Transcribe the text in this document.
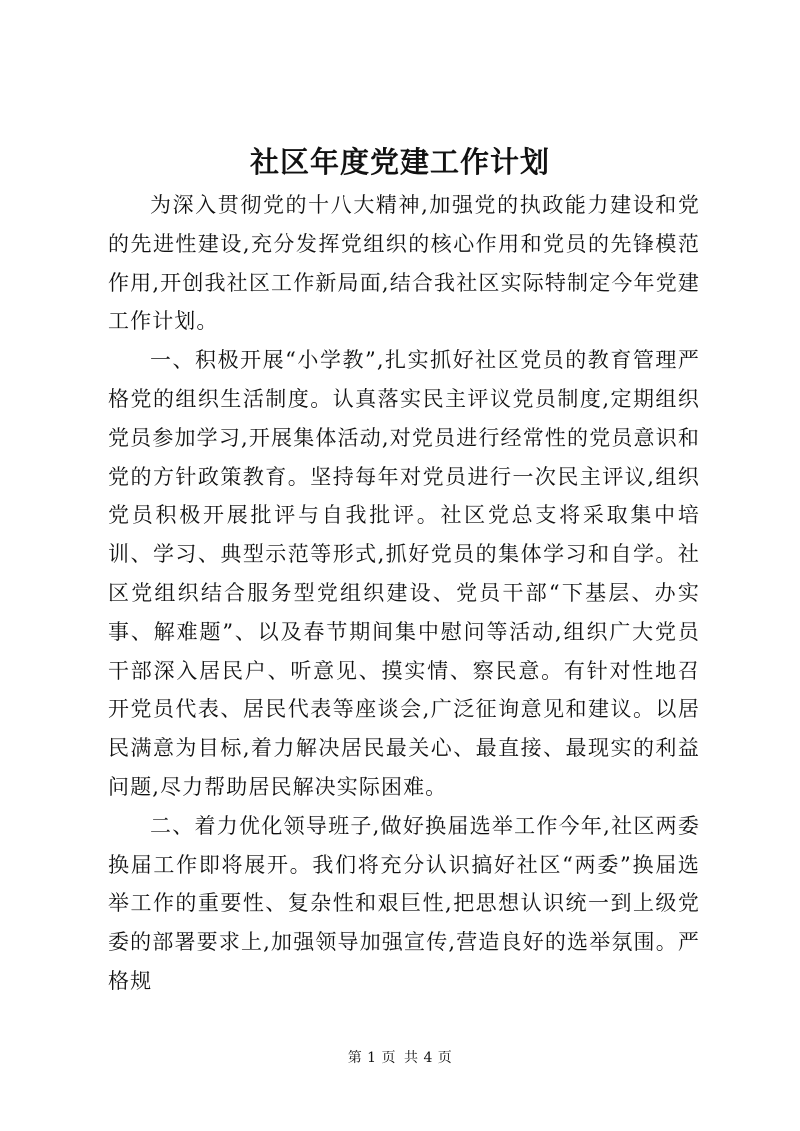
社区年度党建工作计划

为深入贯彻党的十八大精神,加强党的执政能力建设和党的先进性建设,充分发挥党组织的核心作用和党员的先锋模范作用,开创我社区工作新局面,结合我社区实际特制定今年党建工作计划。

一、积极开展“小学教”,扎实抓好社区党员的教育管理严格党的组织生活制度。认真落实民主评议党员制度,定期组织党员参加学习,开展集体活动,对党员进行经常性的党员意识和党的方针政策教育。坚持每年对党员进行一次民主评议,组织党员积极开展批评与自我批评。社区党总支将采取集中培训、学习、典型示范等形式,抓好党员的集体学习和自学。社区党组织结合服务型党组织建设、党员干部“下基层、办实事、解难题”、以及春节期间集中慰问等活动,组织广大党员干部深入居民户、听意见、摸实情、察民意。有针对性地召开党员代表、居民代表等座谈会,广泛征询意见和建议。以居民满意为目标,着力解决居民最关心、最直接、最现实的利益问题,尽力帮助居民解决实际困难。

二、着力优化领导班子,做好换届选举工作今年,社区两委换届工作即将展开。我们将充分认识搞好社区“两委”换届选举工作的重要性、复杂性和艰巨性,把思想认识统一到上级党委的部署要求上,加强领导加强宣传,营造良好的选举氛围。严格规

第 1 页 共 4 页
